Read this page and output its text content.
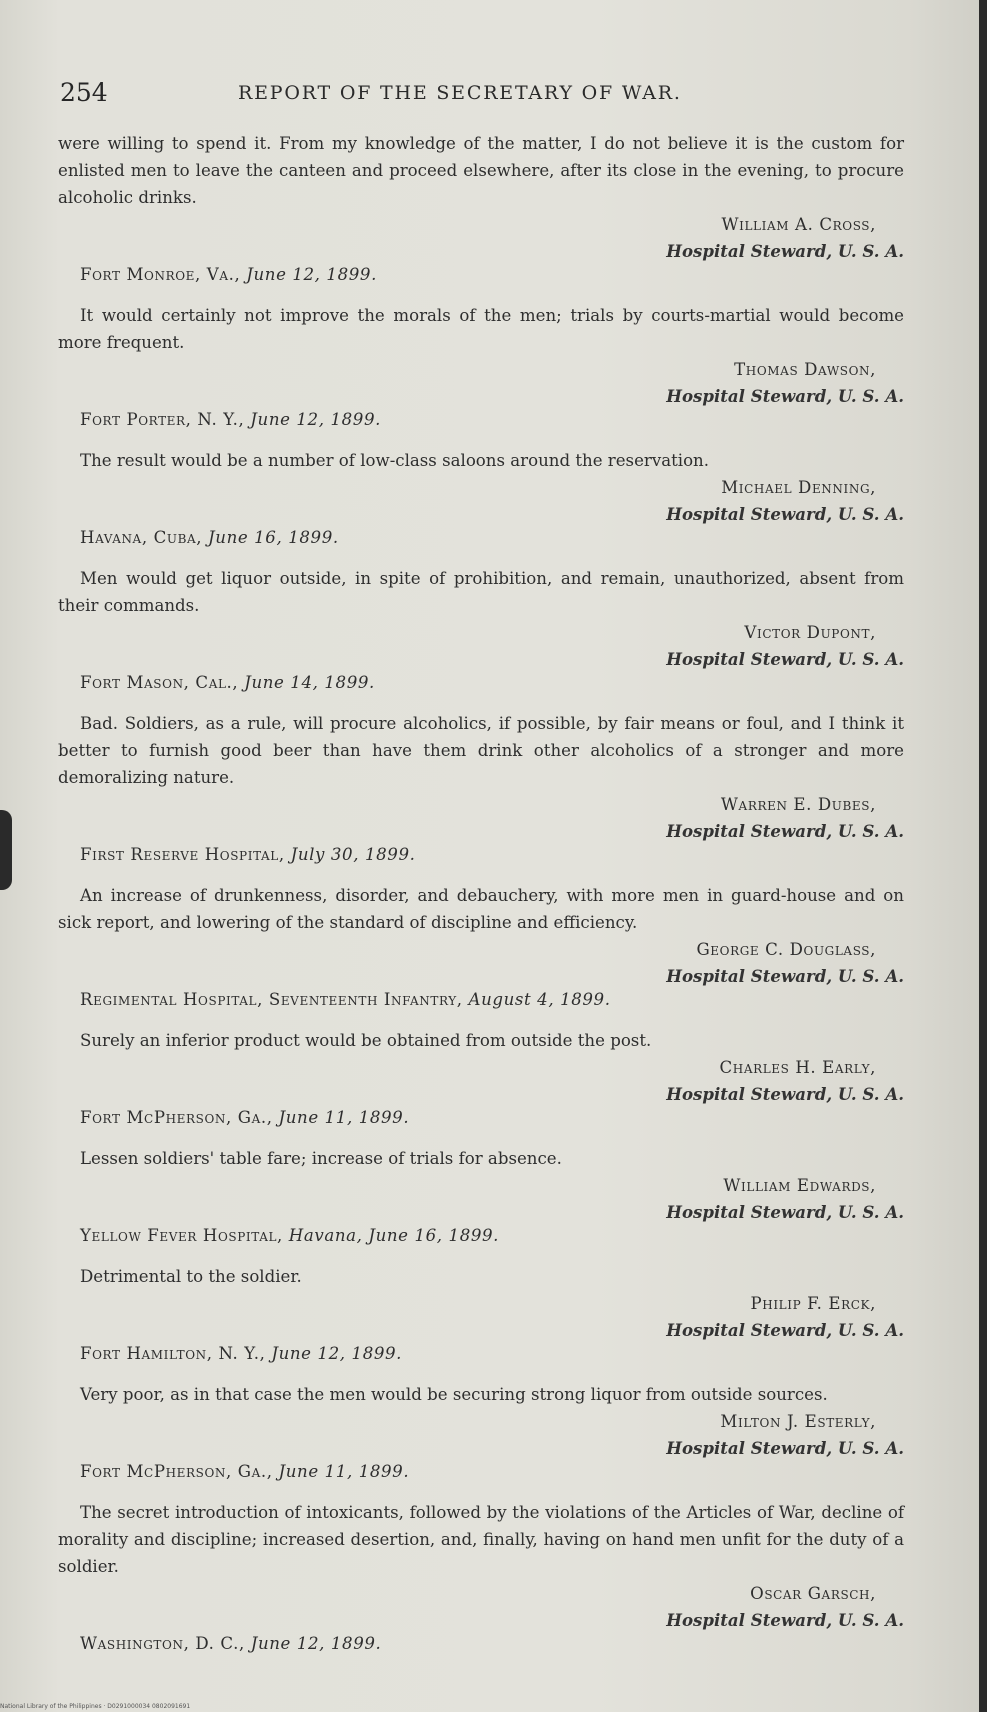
254	REPORT OF THE SECRETARY OF WAR.

were willing to spend it. From my knowledge of the matter, I do not believe it is the custom for enlisted men to leave the canteen and proceed elsewhere, after its close in the evening, to procure alcoholic drinks.

William A. Cross,
Hospital Steward, U. S. A.
Fort Monroe, Va., June 12, 1899.

It would certainly not improve the morals of the men; trials by courts-martial would become more frequent.

Thomas Dawson,
Hospital Steward, U. S. A.
Fort Porter, N. Y., June 12, 1899.

The result would be a number of low-class saloons around the reservation.

Michael Denning,
Hospital Steward, U. S. A.
Havana, Cuba, June 16, 1899.

Men would get liquor outside, in spite of prohibition, and remain, unauthorized, absent from their commands.

Victor Dupont,
Hospital Steward, U. S. A.
Fort Mason, Cal., June 14, 1899.

Bad. Soldiers, as a rule, will procure alcoholics, if possible, by fair means or foul, and I think it better to furnish good beer than have them drink other alcoholics of a stronger and more demoralizing nature.

Warren E. Dubes,
Hospital Steward, U. S. A.
First Reserve Hospital, July 30, 1899.

An increase of drunkenness, disorder, and debauchery, with more men in guard-house and on sick report, and lowering of the standard of discipline and efficiency.

George C. Douglass,
Hospital Steward, U. S. A.
Regimental Hospital, Seventeenth Infantry, August 4, 1899.

Surely an inferior product would be obtained from outside the post.

Charles H. Early,
Hospital Steward, U. S. A.
Fort McPherson, Ga., June 11, 1899.

Lessen soldiers' table fare; increase of trials for absence.

William Edwards,
Hospital Steward, U. S. A.
Yellow Fever Hospital, Havana, June 16, 1899.

Detrimental to the soldier.

Philip F. Erck,
Hospital Steward, U. S. A.
Fort Hamilton, N. Y., June 12, 1899.

Very poor, as in that case the men would be securing strong liquor from outside sources.

Milton J. Esterly,
Hospital Steward, U. S. A.
Fort McPherson, Ga., June 11, 1899.

The secret introduction of intoxicants, followed by the violations of the Articles of War, decline of morality and discipline; increased desertion, and, finally, having on hand men unfit for the duty of a soldier.

Oscar Garsch,
Hospital Steward, U. S. A.
Washington, D. C., June 12, 1899.
National Library of the Philippines · D0291000034 0802091691
